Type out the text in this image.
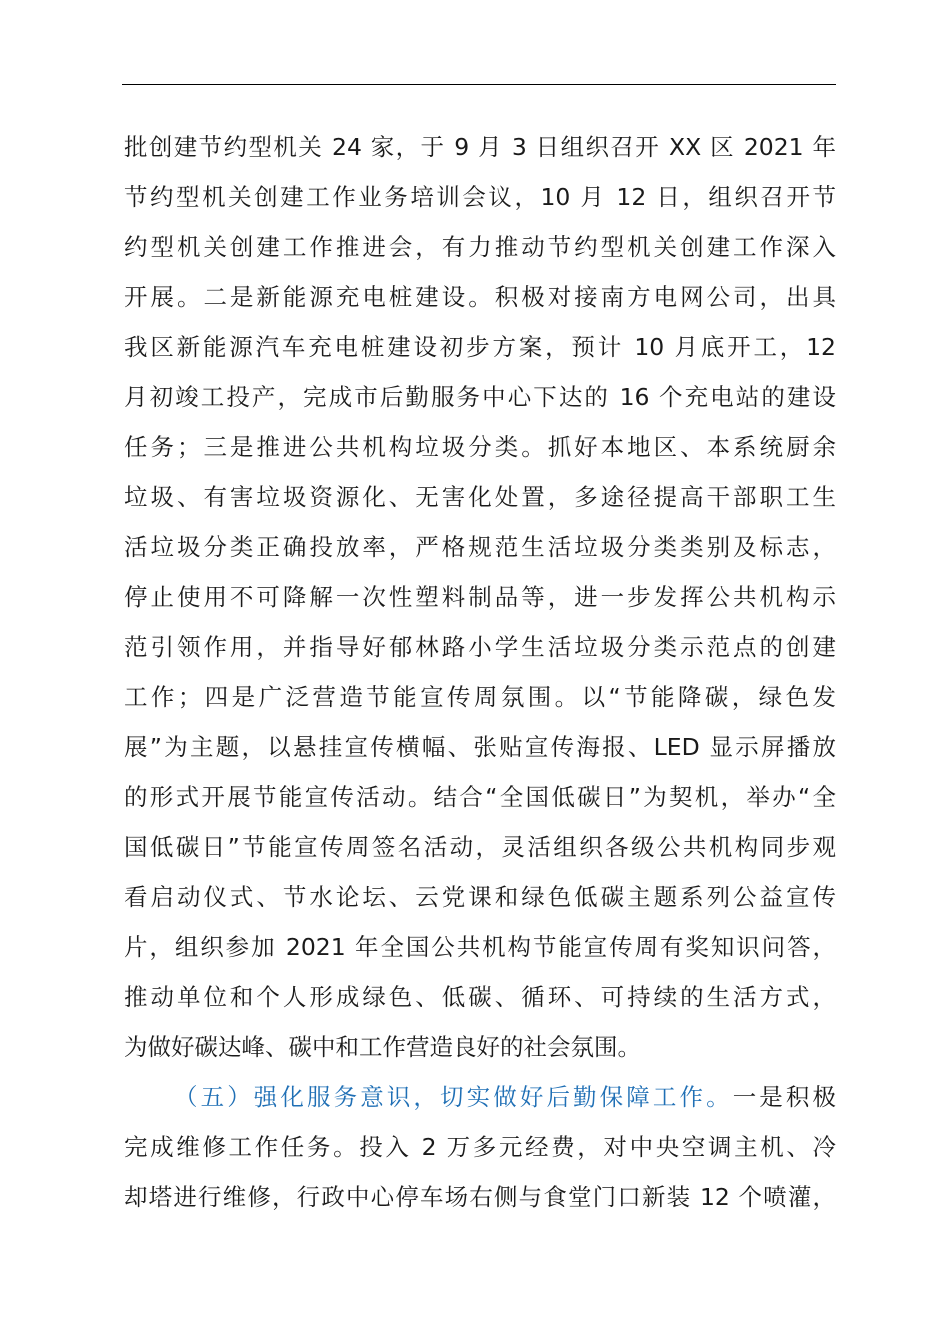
批创建节约型机关 24 家，于 9 月 3 日组织召开 XX 区 2021 年
节约型机关创建工作业务培训会议，10 月 12 日，组织召开节
约型机关创建工作推进会，有力推动节约型机关创建工作深入
开展。二是新能源充电桩建设。积极对接南方电网公司，出具
我区新能源汽车充电桩建设初步方案，预计 10 月底开工，12
月初竣工投产，完成市后勤服务中心下达的 16 个充电站的建设
任务；三是推进公共机构垃圾分类。抓好本地区、本系统厨余
垃圾、有害垃圾资源化、无害化处置，多途径提高干部职工生
活垃圾分类正确投放率，严格规范生活垃圾分类类别及标志，
停止使用不可降解一次性塑料制品等，进一步发挥公共机构示
范引领作用，并指导好郁林路小学生活垃圾分类示范点的创建
工作；四是广泛营造节能宣传周氛围。以“节能降碳，绿色发
展”为主题，以悬挂宣传横幅、张贴宣传海报、LED 显示屏播放
的形式开展节能宣传活动。结合“全国低碳日”为契机，举办“全
国低碳日”节能宣传周签名活动，灵活组织各级公共机构同步观
看启动仪式、节水论坛、云党课和绿色低碳主题系列公益宣传
片，组织参加 2021 年全国公共机构节能宣传周有奖知识问答，
推动单位和个人形成绿色、低碳、循环、可持续的生活方式，
为做好碳达峰、碳中和工作营造良好的社会氛围。
（五）强化服务意识，切实做好后勤保障工作。一是积极
完成维修工作任务。投入 2 万多元经费，对中央空调主机、冷
却塔进行维修，行政中心停车场右侧与食堂门口新装 12 个喷灌，
